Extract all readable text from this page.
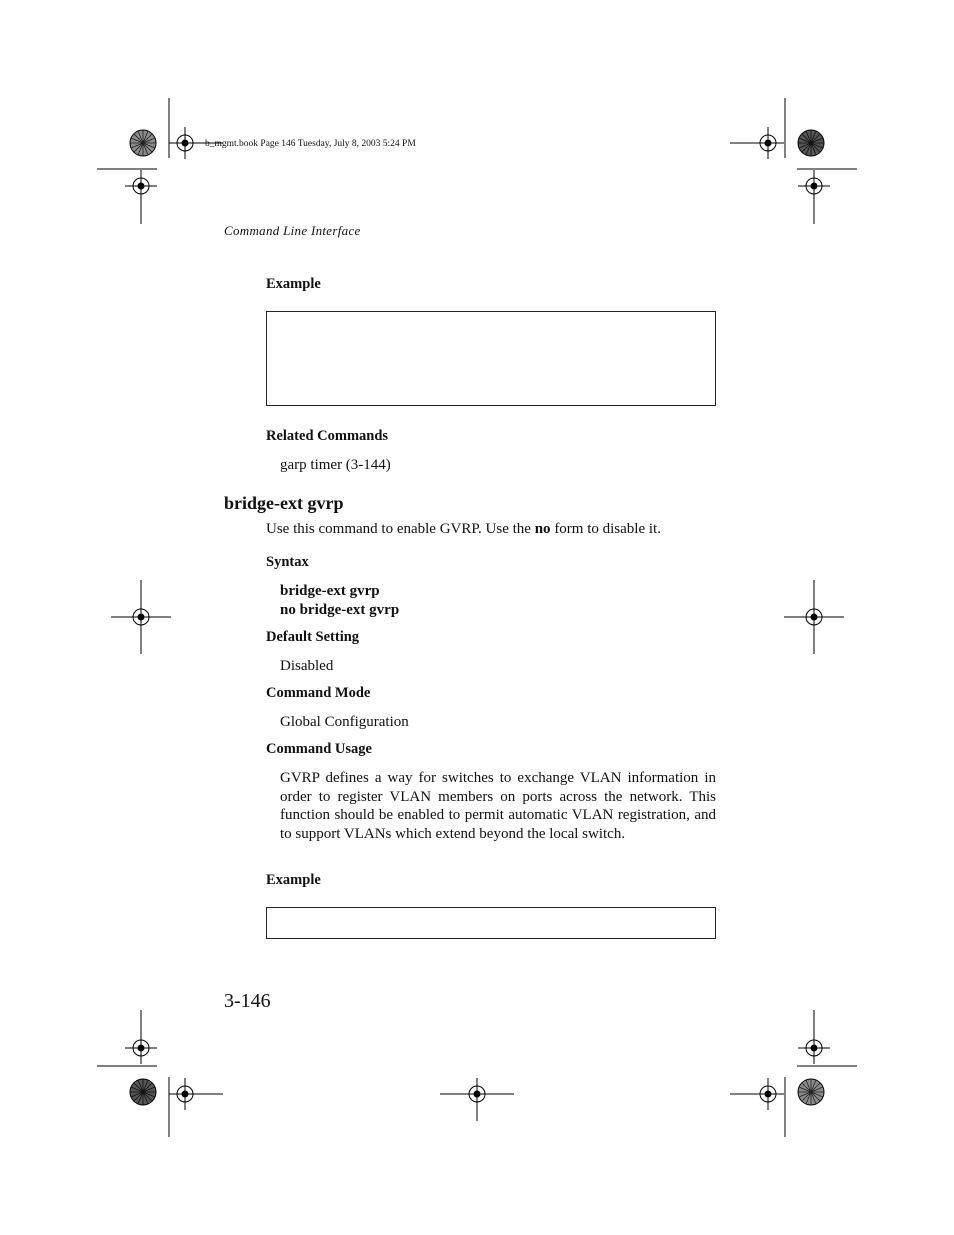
b_mgmt.book Page 146 Tuesday, July 8, 2003 5:24 PM
Command Line Interface
Example
Related Commands
garp timer (3-144)
bridge-ext gvrp
Use this command to enable GVRP. Use the no form to disable it.
Syntax
bridge-ext gvrp
no bridge-ext gvrp
Default Setting
Disabled
Command Mode
Global Configuration
Command Usage
GVRP defines a way for switches to exchange VLAN information in order to register VLAN members on ports across the network. This function should be enabled to permit automatic VLAN registration, and to support VLANs which extend beyond the local switch.
Example
3-146
